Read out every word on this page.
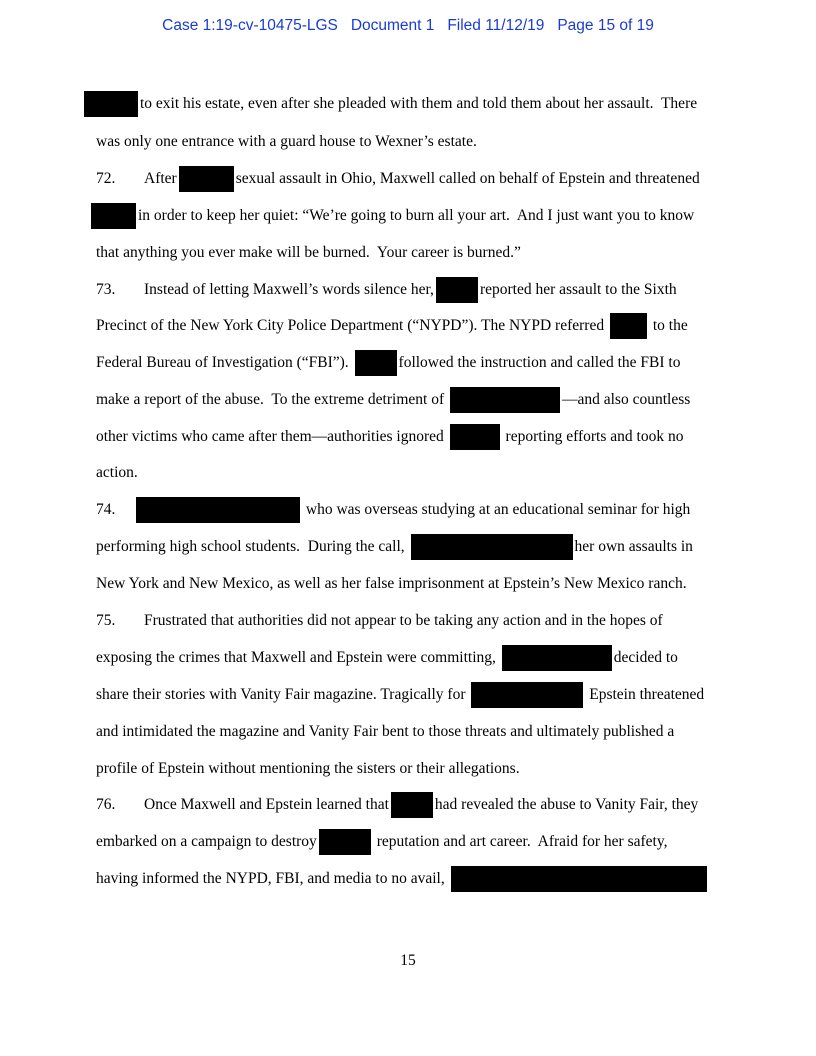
Case 1:19-cv-10475-LGS Document 1 Filed 11/12/19 Page 15 of 19
to exit his estate, even after she pleaded with them and told them about her assault.  There
was only one entrance with a guard house to Wexner’s estate.
72. After	sexual assault in Ohio, Maxwell called on behalf of Epstein and threatened
in order to keep her quiet: “We’re going to burn all your art.  And I just want you to know
that anything you ever make will be burned.  Your career is burned.”
73. Instead of letting Maxwell’s words silence her,	reported her assault to the Sixth
Precinct of the New York City Police Department (“NYPD”). The NYPD referred	to the
Federal Bureau of Investigation (“FBI”).	followed the instruction and called the FBI to
make a report of the abuse.  To the extreme detriment of	—and also countless
other victims who came after them—authorities ignored	reporting efforts and took no
action.
74.	who was overseas studying at an educational seminar for high
performing high school students.  During the call,	her own assaults in
New York and New Mexico, as well as her false imprisonment at Epstein’s New Mexico ranch.
75. Frustrated that authorities did not appear to be taking any action and in the hopes of
exposing the crimes that Maxwell and Epstein were committing,	decided to
share their stories with Vanity Fair magazine. Tragically for	Epstein threatened
and intimidated the magazine and Vanity Fair bent to those threats and ultimately published a
profile of Epstein without mentioning the sisters or their allegations.
76. Once Maxwell and Epstein learned that	had revealed the abuse to Vanity Fair, they
embarked on a campaign to destroy	reputation and art career.  Afraid for her safety,
having informed the NYPD, FBI, and media to no avail,
15
